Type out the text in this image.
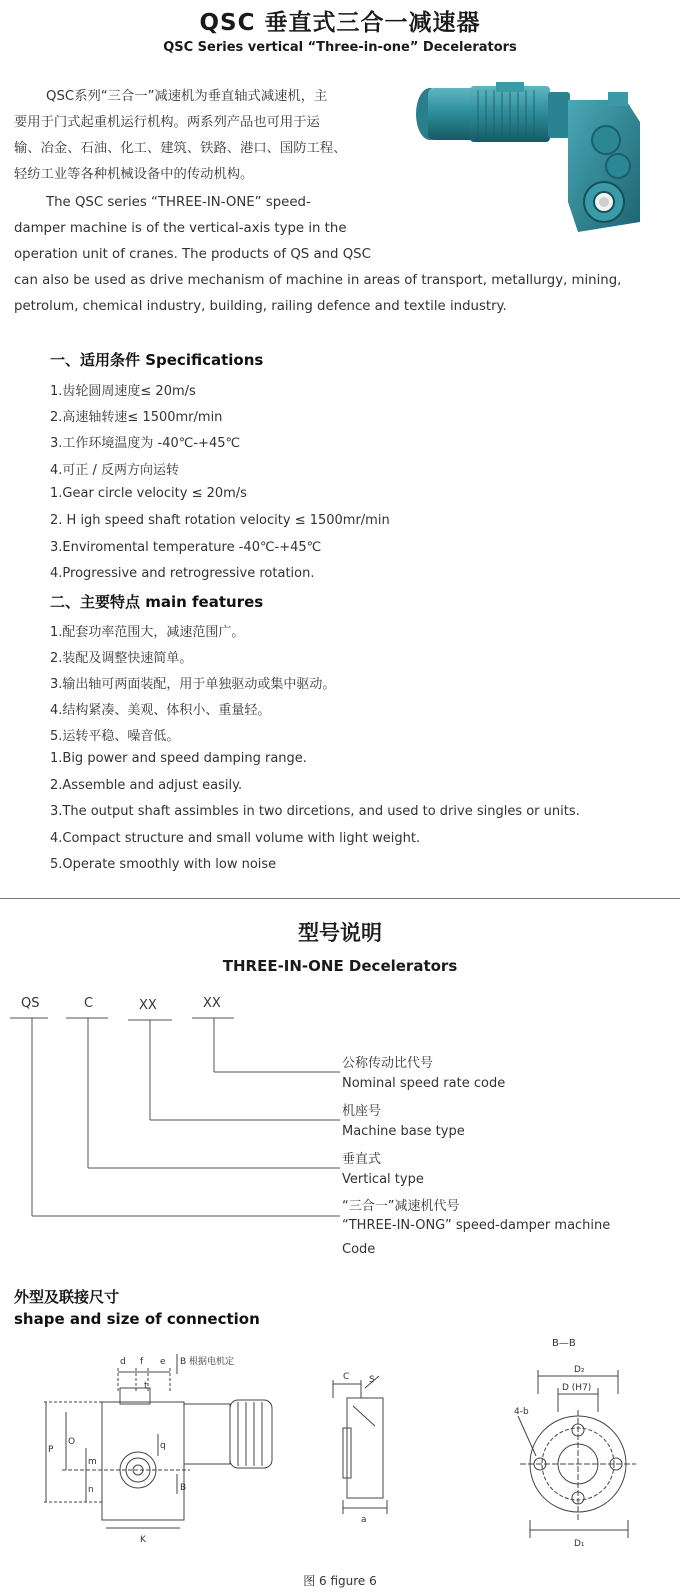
QSC 垂直式三合一减速器
QSC Series vertical “Three-in-one” Decelerators
QSC系列“三合一”减速机为垂直轴式减速机，主
要用于门式起重机运行机构。两系列产品也可用于运
输、冶金、石油、化工、建筑、铁路、港口、国防工程、
轻纺工业等各种机械设备中的传动机构。
The QSC series “THREE-IN-ONE” speed-
damper machine is of the vertical-axis type in the
operation unit of cranes. The products of QS and QSC
can also be used as drive mechanism of machine in areas of transport, metallurgy, mining,
petrolum, chemical industry, building, railing defence and textile industry.
一、适用条件 Specifications
1.齿轮圆周速度≤ 20m/s
2.高速轴转速≤ 1500mr/min
3.工作环境温度为 -40℃-+45℃
4.可正 / 反两方向运转
1.Gear circle velocity ≤ 20m/s
2. H igh speed shaft rotation velocity ≤ 1500mr/min
3.Enviromental temperature -40℃-+45℃
4.Progressive and retrogressive rotation.
二、主要特点 main features
1.配套功率范围大，减速范围广。
2.装配及调整快速简单。
3.输出轴可两面装配，用于单独驱动或集中驱动。
4.结构紧凑、美观、体积小、重量轻。
5.运转平稳、噪音低。
1.Big power and speed damping range.
2.Assemble and adjust easily.
3.The output shaft assimbles in two dircetions, and used to drive singles or units.
4.Compact structure and small volume with light weight.
5.Operate smoothly with low noise
型号说明
THREE-IN-ONE Decelerators
QS	C	XX	XX
公称传动比代号
Nominal speed rate code
机座号
Machine base type
垂直式
Vertical type
“三合一”减速机代号
“THREE-IN-ONG” speed-damper machine
Code
外型及联接尺寸
shape and size of connection
d f e B 根据电机定
t
O
P	q
m
n
K
B
C S
a
B—B
D₂
D (H7)
4-b
D₁
图 6 figure 6
